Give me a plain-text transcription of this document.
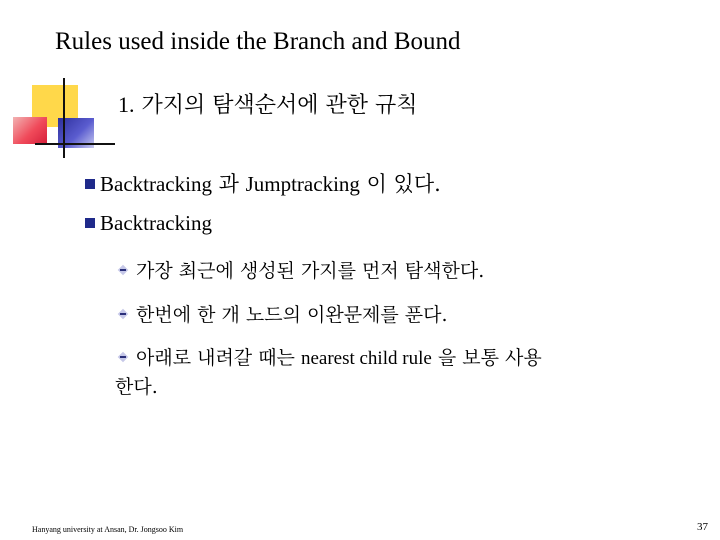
Rules used inside the Branch and Bound
1. 가지의 탐색순서에 관한 규칙
Backtracking 과 Jumptracking 이 있다.
Backtracking
가장 최근에 생성된 가지를 먼저 탐색한다.
한번에 한 개 노드의 이완문제를 푼다.
아래로 내려갈 때는 nearest child rule 을 보통 사용
한다.
Hanyang university at Ansan, Dr. Jongsoo Kim	37
